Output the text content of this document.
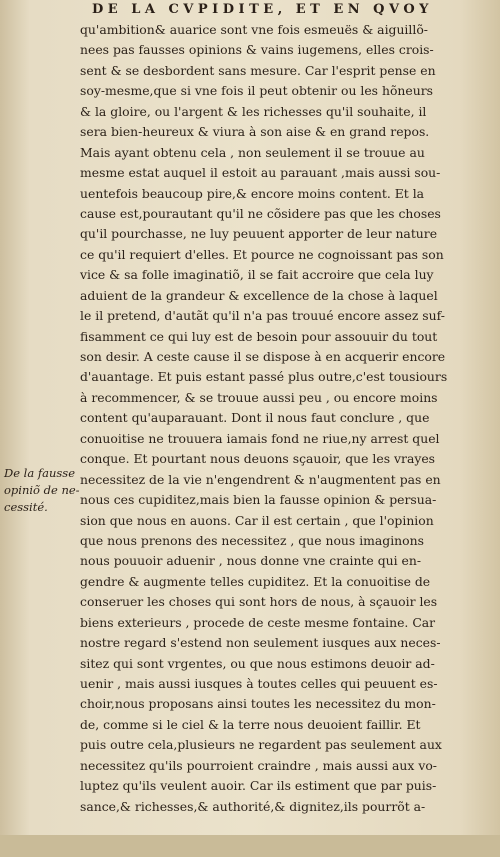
DE LA CVPIDITE, ET EN QVOY
De la fausse
opiniõ de ne-
cessité.
qu'ambition& auarice sont vne fois esmeuës & aiguillõ-
nees pas fausses opinions & vains iugemens, elles crois-
sent & se desbordent sans mesure. Car l'esprit pense en
soy-mesme,que si vne fois il peut obtenir ou les hõneurs
& la gloire, ou l'argent & les richesses qu'il souhaite, il
sera bien-heureux & viura à son aise & en grand repos.
Mais ayant obtenu cela , non seulement il se trouue au
mesme estat auquel il estoit au parauant ,mais aussi sou-
uentefois beaucoup pire,& encore moins content. Et la
cause est,pourautant qu'il ne cõsidere pas que les choses
qu'il pourchasse, ne luy peuuent apporter de leur nature
ce qu'il requiert d'elles. Et pource ne cognoissant pas son
vice & sa folle imaginatiõ, il se fait accroire que cela luy
aduient de la grandeur & excellence de la chose à laquel
le il pretend, d'autãt qu'il n'a pas trouué encore assez suf-
fisamment ce qui luy est de besoin pour assouuir du tout
son desir. A ceste cause il se dispose à en acquerir encore
d'auantage. Et puis estant passé plus outre,c'est tousiours
à recommencer, & se trouue aussi peu , ou encore moins
content qu'auparauant. Dont il nous faut conclure , que
conuoitise ne trouuera iamais fond ne riue,ny arrest quel
conque. Et pourtant nous deuons sçauoir, que les vrayes
necessitez de la vie n'engendrent & n'augmentent pas en
nous ces cupiditez,mais bien la fausse opinion & persua-
sion que nous en auons. Car il est certain , que l'opinion
que nous prenons des necessitez , que nous imaginons
nous pouuoir aduenir , nous donne vne crainte qui en-
gendre & augmente telles cupiditez. Et la conuoitise de
conseruer les choses qui sont hors de nous, à sçauoir les
biens exterieurs , procede de ceste mesme fontaine. Car
nostre regard s'estend non seulement iusques aux neces-
sitez qui sont vrgentes, ou que nous estimons deuoir ad-
uenir , mais aussi iusques à toutes celles qui peuuent es-
choir,nous proposans ainsi toutes les necessitez du mon-
de, comme si le ciel & la terre nous deuoient faillir. Et
puis outre cela,plusieurs ne regardent pas seulement aux
necessitez qu'ils pourroient craindre , mais aussi aux vo-
luptez qu'ils veulent auoir. Car ils estiment que par puis-
sance,& richesses,& authorité,& dignitez,ils pourrõt a-
